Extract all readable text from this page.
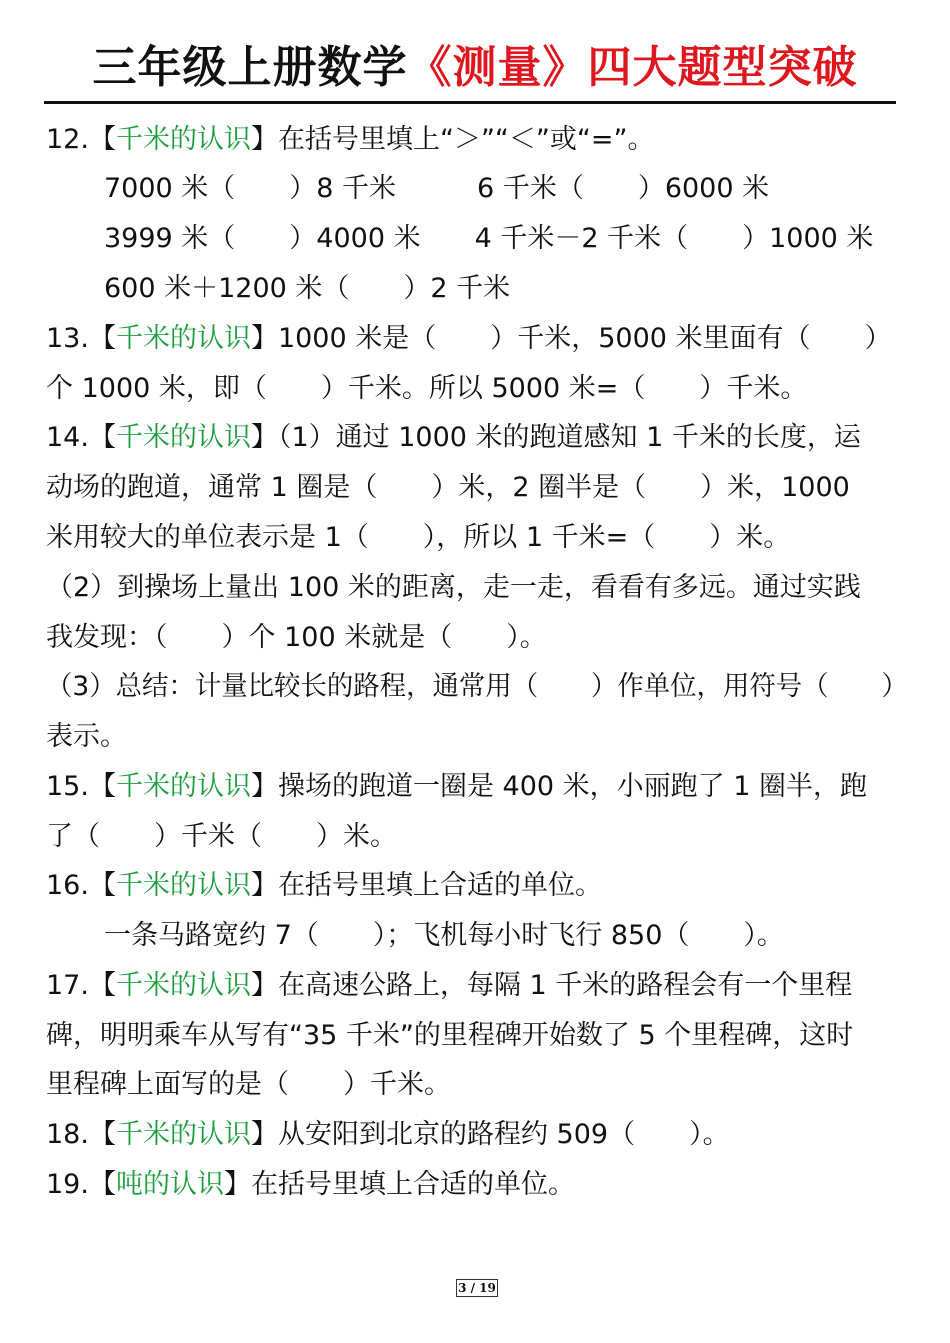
三年级上册数学《测量》四大题型突破
12.【千米的认识】在括号里填上“＞”“＜”或“=”。
7000 米（　　）8 千米　　　6 千米（　　）6000 米
3999 米（　　）4000 米　　4 千米－2 千米（　　）1000 米
600 米＋1200 米（　　）2 千米
13.【千米的认识】1000 米是（　　）千米，5000 米里面有（　　）
个 1000 米，即（　　）千米。所以 5000 米=（　　）千米。
14.【千米的认识】（1）通过 1000 米的跑道感知 1 千米的长度，运
动场的跑道，通常 1 圈是（　　）米，2 圈半是（　　）米，1000
米用较大的单位表示是 1（　　），所以 1 千米=（　　）米。
（2）到操场上量出 100 米的距离，走一走，看看有多远。通过实践
我发现：（　　）个 100 米就是（　　）。
（3）总结：计量比较长的路程，通常用（　　）作单位，用符号（　　）
表示。
15.【千米的认识】操场的跑道一圈是 400 米，小丽跑了 1 圈半，跑
了（　　）千米（　　）米。
16.【千米的认识】在括号里填上合适的单位。
一条马路宽约 7（　　）；飞机每小时飞行 850（　　）。
17.【千米的认识】在高速公路上，每隔 1 千米的路程会有一个里程
碑，明明乘车从写有“35 千米”的里程碑开始数了 5 个里程碑，这时
里程碑上面写的是（　　）千米。
18.【千米的认识】从安阳到北京的路程约 509（　　）。
19.【吨的认识】在括号里填上合适的单位。
3 / 19
